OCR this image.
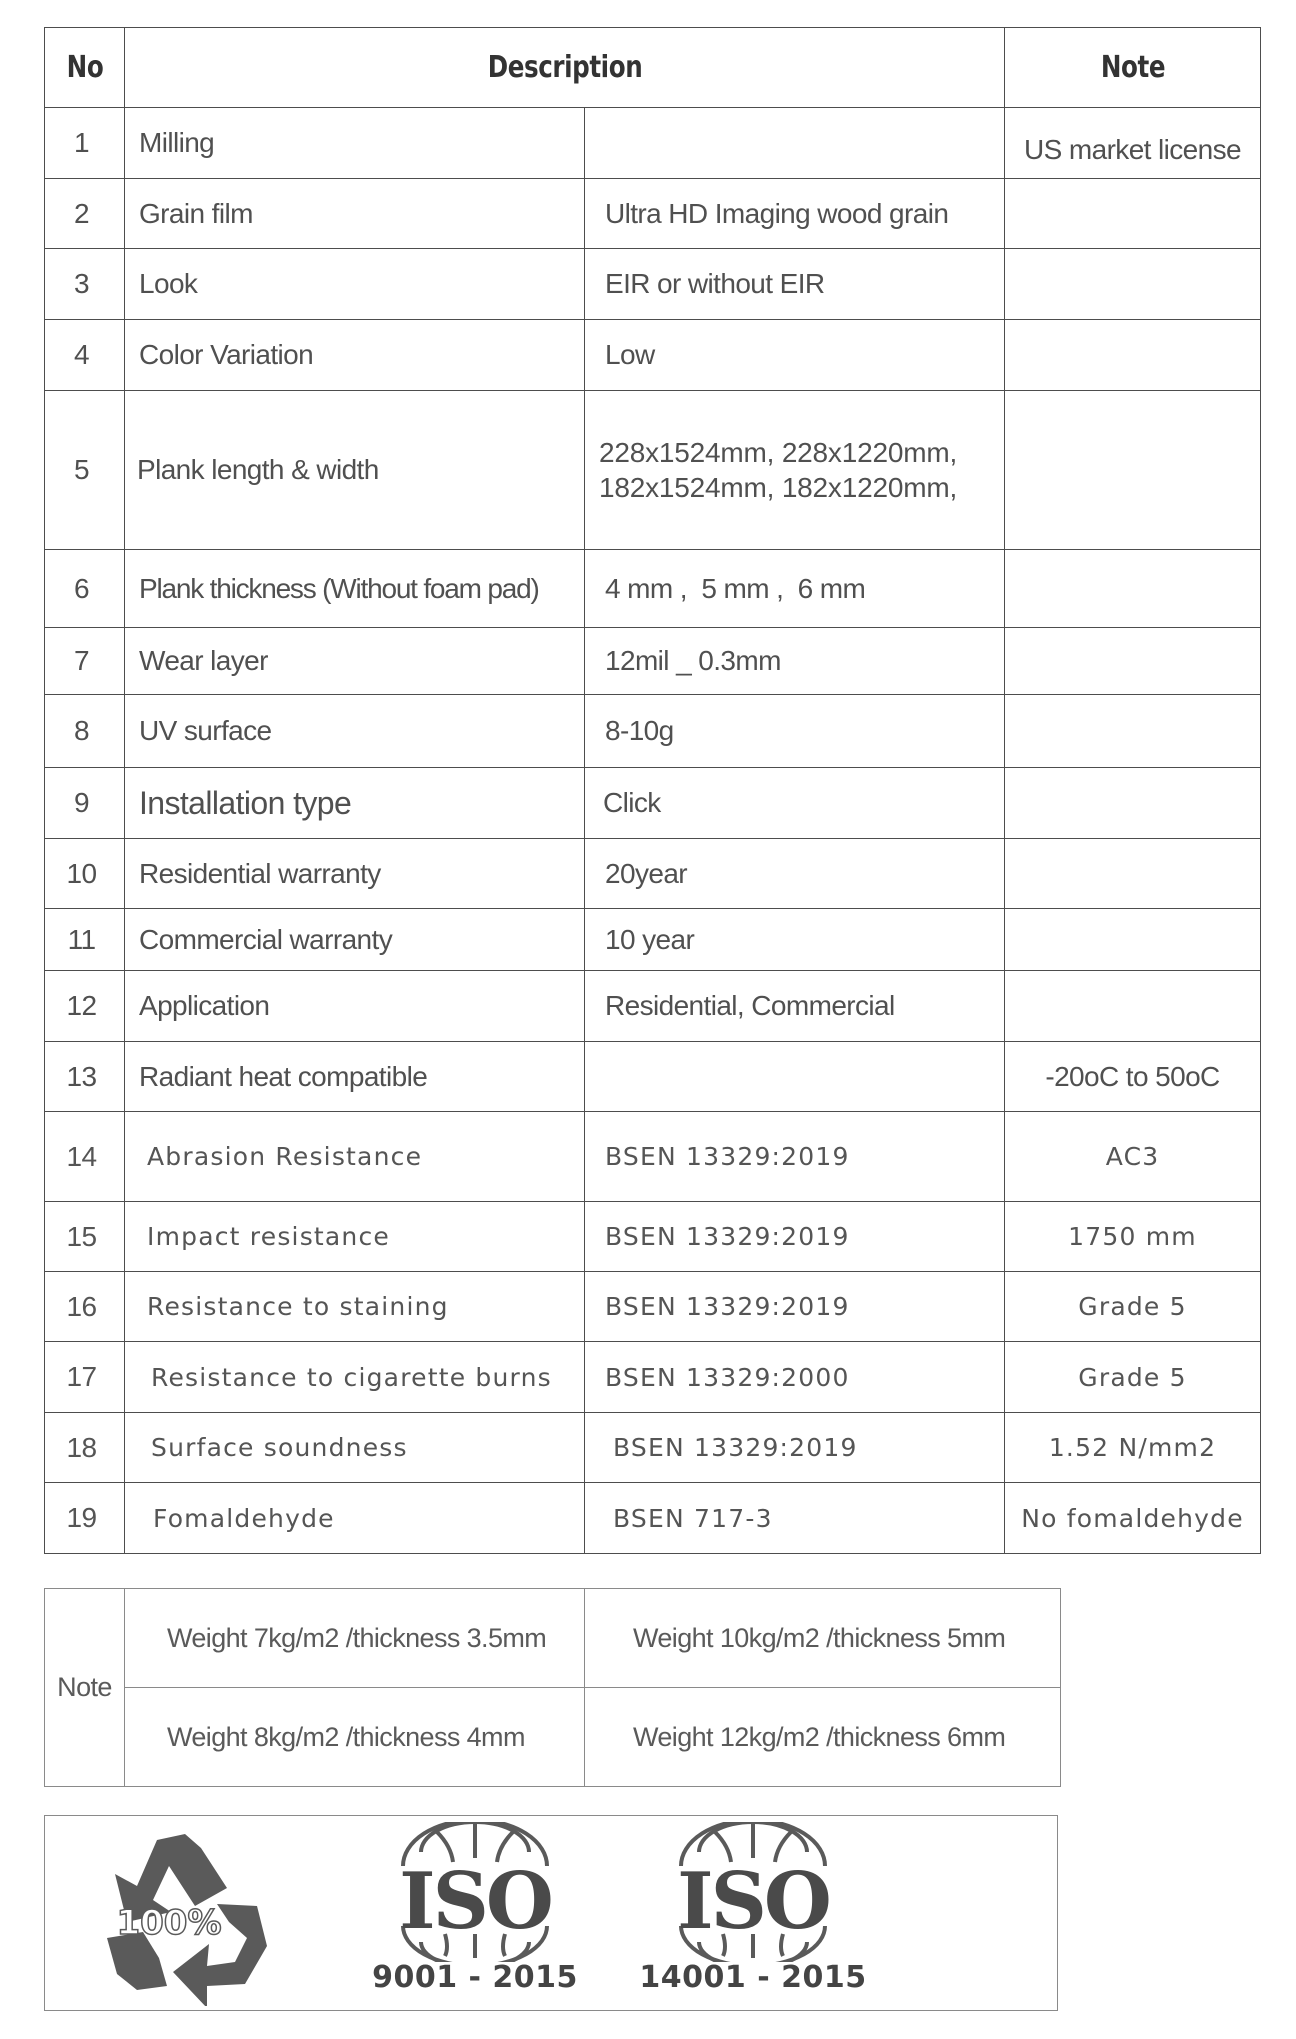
No	Description		Note
1	Milling		US market license
2	Grain film	Ultra HD Imaging wood grain	
3	Look	EIR or without EIR	
4	Color Variation	Low	
5	Plank length & width	228x1524mm, 228x1220mm,
182x1524mm, 182x1220mm,	

6	Plank thickness (Without foam pad)	4 mm ,  5 mm ,  6 mm	
7	Wear layer	12mil _ 0.3mm	
8	UV surface	8-10g	
9	Installation type	Click	
10	Residential warranty	20year	
11	Commercial warranty	10 year	
12	Application	Residential, Commercial	
13	Radiant heat compatible		-20oC to 50oC
14	Abrasion Resistance	BSEN 13329:2019	AC3
15	Impact resistance	BSEN 13329:2019	1750 mm
16	Resistance to staining	BSEN 13329:2019	Grade 5
17	Resistance to cigarette burns	BSEN 13329:2000	Grade 5
18	Surface soundness	BSEN 13329:2019	1.52 N/mm2
19	Fomaldehyde	BSEN 717-3	No fomaldehyde
Note	Weight 7kg/m2 /thickness 3.5mm	Weight 10kg/m2 /thickness 5mm
	Weight 8kg/m2 /thickness 4mm	Weight 12kg/m2 /thickness 6mm
100% ISO
9001 - 2015
ISO
14001 - 2015
